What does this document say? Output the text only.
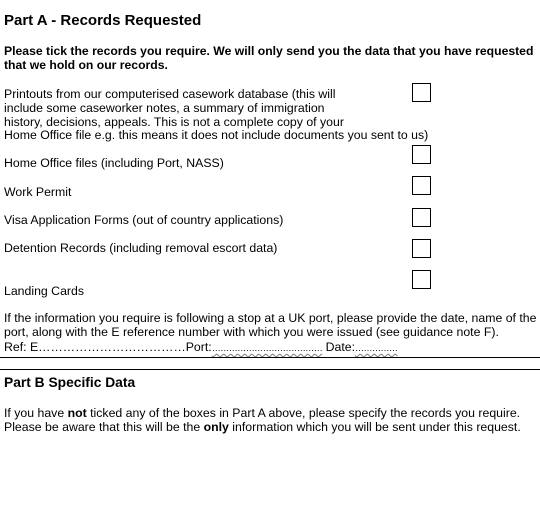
Part A - Records Requested
Please tick the records you require. We will only send you the data that you have requested
that we hold on our records.
Printouts from our computerised casework database (this will
include some caseworker notes, a summary of immigration
history, decisions, appeals. This is not a complete copy of your
Home Office file e.g. this means it does not include documents you sent to us)
Home Office files (including Port, NASS)
Work Permit
Visa Application Forms (out of country applications)
Detention Records (including removal escort data)
Landing Cards
If the information you require is following a stop at a UK port, please provide the date, name of the
port, along with the E reference number with which you were issued (see guidance note F).
Ref: E………………………………Port:………………………………… Date:……………
Part B Specific Data
If you have not ticked any of the boxes in Part A above, please specify the records you require.
Please be aware that this will be the only information which you will be sent under this request.
